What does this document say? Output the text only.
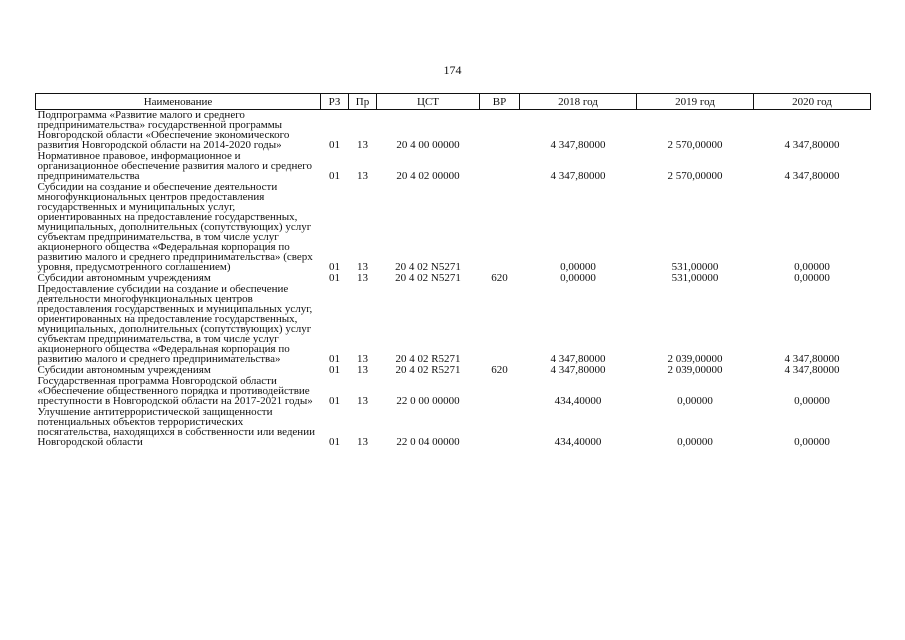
174
Наименование	РЗ	Пр	ЦСТ	ВР	2018 год	2019 год	2020 год
Подпрограмма «Развитие малого и среднего предпринимательства» государственной программы Новгородской области «Обеспечение экономического развития Новгородской области на 2014-2020 годы»	01	13	20 4 00 00000		4 347,80000	2 570,00000	4 347,80000
Нормативное правовое, информационное и организационное обеспечение развития малого и среднего предпринимательства	01	13	20 4 02 00000		4 347,80000	2 570,00000	4 347,80000
Субсидии на создание и обеспечение деятельности многофункциональных центров предоставления государственных и муниципальных услуг, ориентированных на предоставление государственных, муниципальных, дополнительных (сопутствующих) услуг субъектам предпринимательства, в том числе услуг акционерного общества «Федеральная корпорация по развитию малого и среднего предпринимательства» (сверх уровня, предусмотренного соглашением)	01	13	20 4 02 N5271		0,00000	531,00000	0,00000
Субсидии автономным учреждениям	01	13	20 4 02 N5271	620	0,00000	531,00000	0,00000
Предоставление субсидии на создание и обеспечение деятельности многофункциональных центров предоставления государственных и муниципальных услуг, ориентированных на предоставление государственных, муниципальных, дополнительных (сопутствующих) услуг субъектам предпринимательства, в том числе услуг акционерного общества «Федеральная корпорация по развитию малого и среднего предпринимательства»	01	13	20 4 02 R5271		4 347,80000	2 039,00000	4 347,80000
Субсидии автономным учреждениям	01	13	20 4 02 R5271	620	4 347,80000	2 039,00000	4 347,80000
Государственная программа Новгородской области «Обеспечение общественного порядка и противодействие преступности в Новгородской области на 2017-2021 годы»	01	13	22 0 00 00000		434,40000	0,00000	0,00000
Улучшение антитеррористической защищенности потенциальных объектов террористических посягательства, находящихся в собственности или ведении Новгородской области	01	13	22 0 04 00000		434,40000	0,00000	0,00000
